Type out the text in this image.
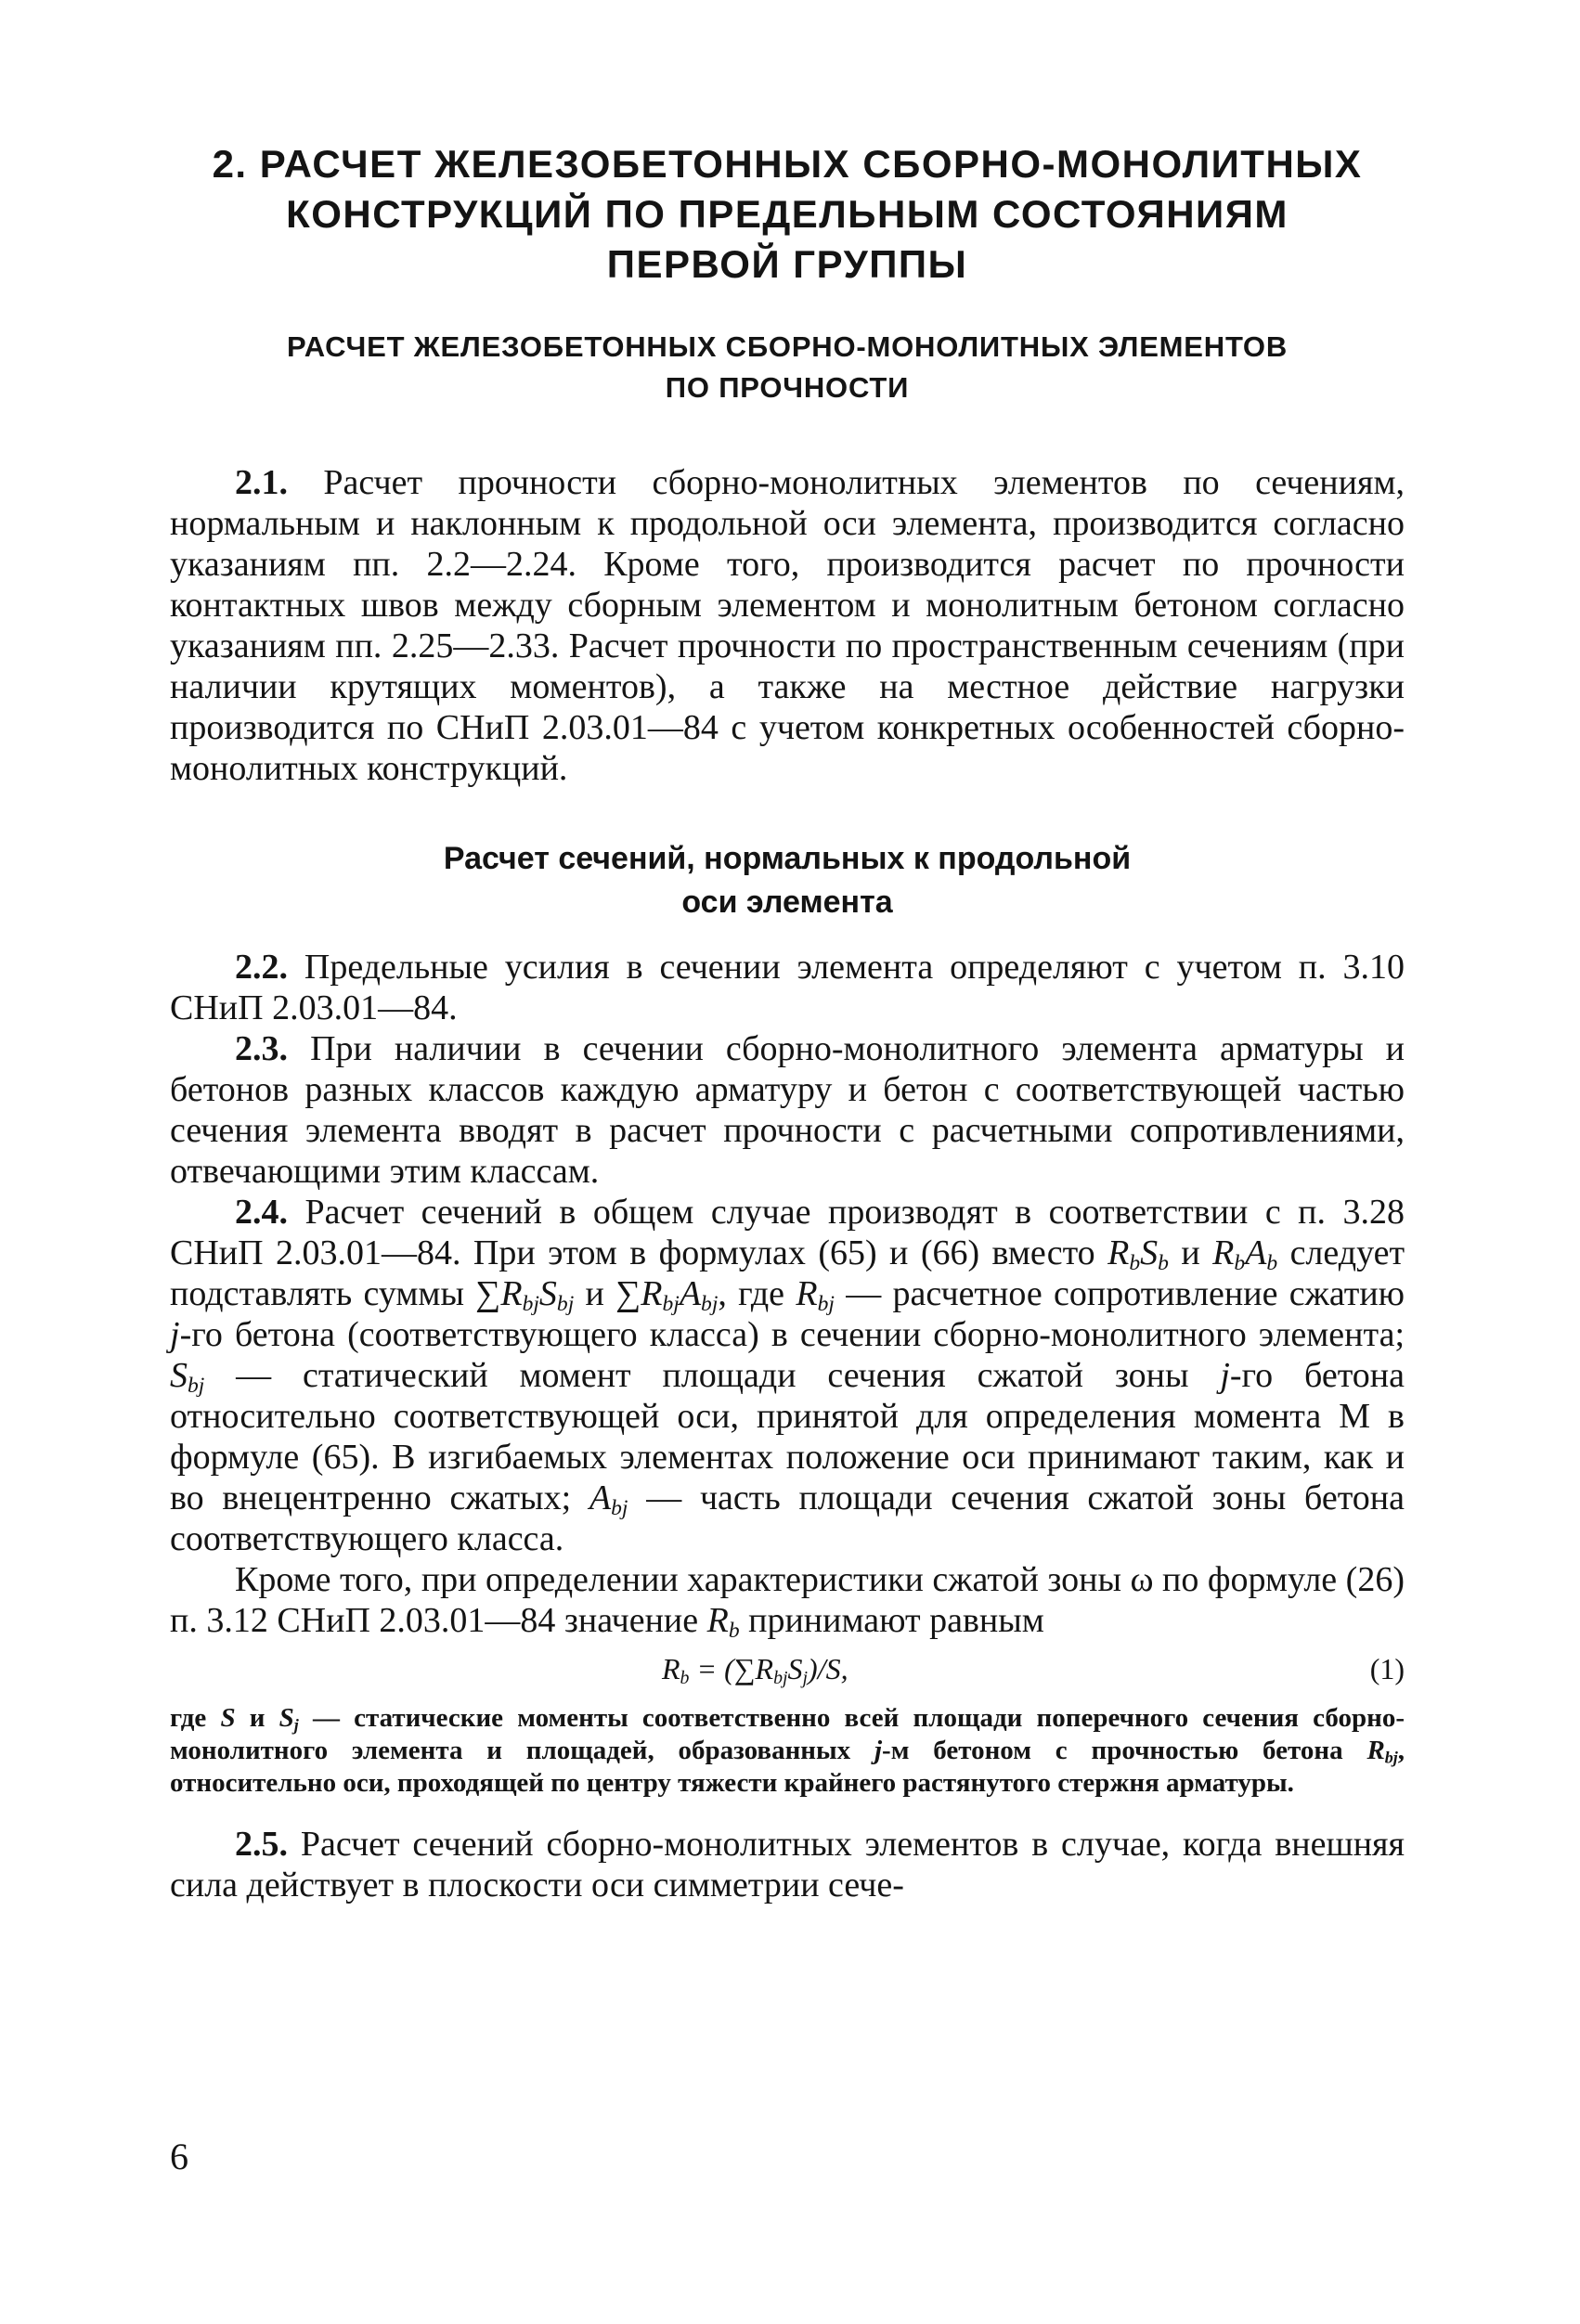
2. РАСЧЕТ ЖЕЛЕЗОБЕТОННЫХ СБОРНО-МОНОЛИТНЫХ
КОНСТРУКЦИЙ ПО ПРЕДЕЛЬНЫМ СОСТОЯНИЯМ
ПЕРВОЙ ГРУППЫ
РАСЧЕТ ЖЕЛЕЗОБЕТОННЫХ СБОРНО-МОНОЛИТНЫХ ЭЛЕМЕНТОВ
ПО ПРОЧНОСТИ

2.1. Расчет прочности сборно-монолитных элементов по сечениям, нормальным и наклонным к продольной оси элемента, производится согласно указаниям пп. 2.2—2.24. Кроме того, производится расчет по прочности контактных швов между сборным элементом и монолитным бетоном согласно указаниям пп. 2.25—2.33. Расчет прочности по пространственным сечениям (при наличии крутящих моментов), а также на местное действие нагрузки производится по СНиП 2.03.01—84 с учетом конкретных особенностей сборно-монолитных конструкций.

Расчет сечений, нормальных к продольной
оси элемента

2.2. Предельные усилия в сечении элемента определяют с учетом п. 3.10 СНиП 2.03.01—84.

2.3. При наличии в сечении сборно-монолитного элемента арматуры и бетонов разных классов каждую арматуру и бетон с соответствующей частью сечения элемента вводят в расчет прочности с расчетными сопротивлениями, отвечающими этим классам.

2.4. Расчет сечений в общем случае производят в соответствии с п. 3.28 СНиП 2.03.01—84. При этом в формулах (65) и (66) вместо $R_bS_b$ и $R_bA_b$ следует подставлять суммы $\sum R_{bj}S_{bj}$ и $\sum R_{bj}A_{bj}$, где $R_{bj}$ — расчетное сопротивление сжатию j-го бетона (соответствующего класса) в сечении сборно-монолитного элемента; $S_{bj}$ — статический момент площади сечения сжатой зоны j-го бетона относительно соответствующей оси, принятой для определения момента М в формуле (65). В изгибаемых элементах положение оси принимают таким, как и во внецентренно сжатых; $A_{bj}$ — часть площади сечения сжатой зоны бетона соответствующего класса.

Кроме того, при определении характеристики сжатой зоны ω по формуле (26) п. 3.12 СНиП 2.03.01—84 значение $R_b$ принимают равным

$R_b = (\sum R_{bj}S_j)/S$,	(1)

где S и $S_j$ — статические моменты соответственно всей площади поперечного сечения сборно-монолитного элемента и площадей, образованных j-м бетоном с прочностью бетона $R_{bj}$, относительно оси, проходящей по центру тяжести крайнего растянутого стержня арматуры.

2.5. Расчет сечений сборно-монолитных элементов в случае, когда внешняя сила действует в плоскости оси симметрии сече-

6
